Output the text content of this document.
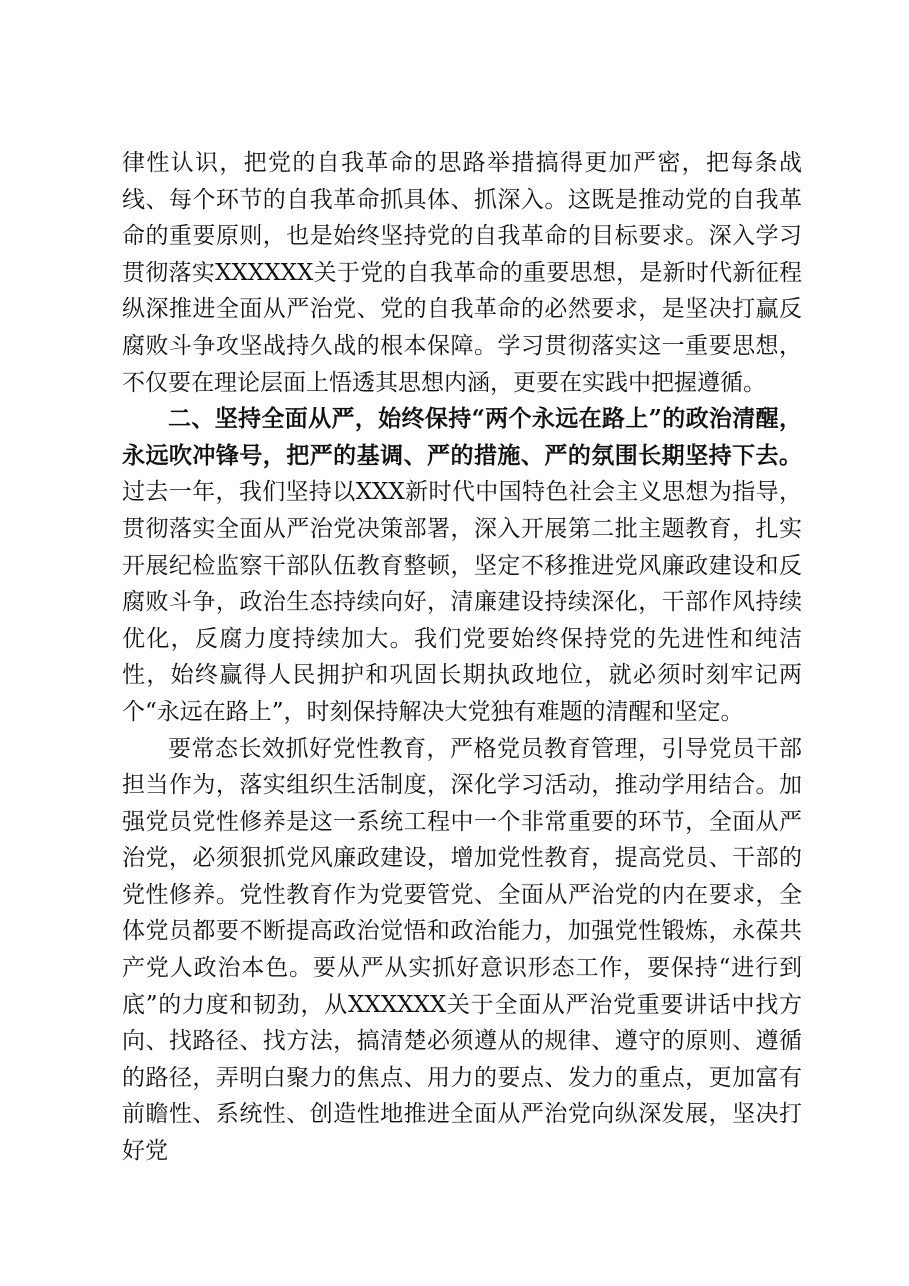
律性认识，把党的自我革命的思路举措搞得更加严密，把每条战线、每个环节的自我革命抓具体、抓深入。这既是推动党的自我革命的重要原则，也是始终坚持党的自我革命的目标要求。深入学习贯彻落实XXXXXX关于党的自我革命的重要思想，是新时代新征程纵深推进全面从严治党、党的自我革命的必然要求，是坚决打赢反腐败斗争攻坚战持久战的根本保障。学习贯彻落实这一重要思想，不仅要在理论层面上悟透其思想内涵，更要在实践中把握遵循。

二、坚持全面从严，始终保持“两个永远在路上”的政治清醒，永远吹冲锋号，把严的基调、严的措施、严的氛围长期坚持下去。过去一年，我们坚持以XXX新时代中国特色社会主义思想为指导，贯彻落实全面从严治党决策部署，深入开展第二批主题教育，扎实开展纪检监察干部队伍教育整顿，坚定不移推进党风廉政建设和反腐败斗争，政治生态持续向好，清廉建设持续深化，干部作风持续优化，反腐力度持续加大。我们党要始终保持党的先进性和纯洁性，始终赢得人民拥护和巩固长期执政地位，就必须时刻牢记两个“永远在路上”，时刻保持解决大党独有难题的清醒和坚定。

要常态长效抓好党性教育，严格党员教育管理，引导党员干部担当作为，落实组织生活制度，深化学习活动，推动学用结合。加强党员党性修养是这一系统工程中一个非常重要的环节，全面从严治党，必须狠抓党风廉政建设，增加党性教育，提高党员、干部的党性修养。党性教育作为党要管党、全面从严治党的内在要求，全体党员都要不断提高政治觉悟和政治能力，加强党性锻炼，永葆共产党人政治本色。要从严从实抓好意识形态工作，要保持“进行到底”的力度和韧劲，从XXXXXX关于全面从严治党重要讲话中找方向、找路径、找方法，搞清楚必须遵从的规律、遵守的原则、遵循的路径，弄明白聚力的焦点、用力的要点、发力的重点，更加富有前瞻性、系统性、创造性地推进全面从严治党向纵深发展，坚决打好党
